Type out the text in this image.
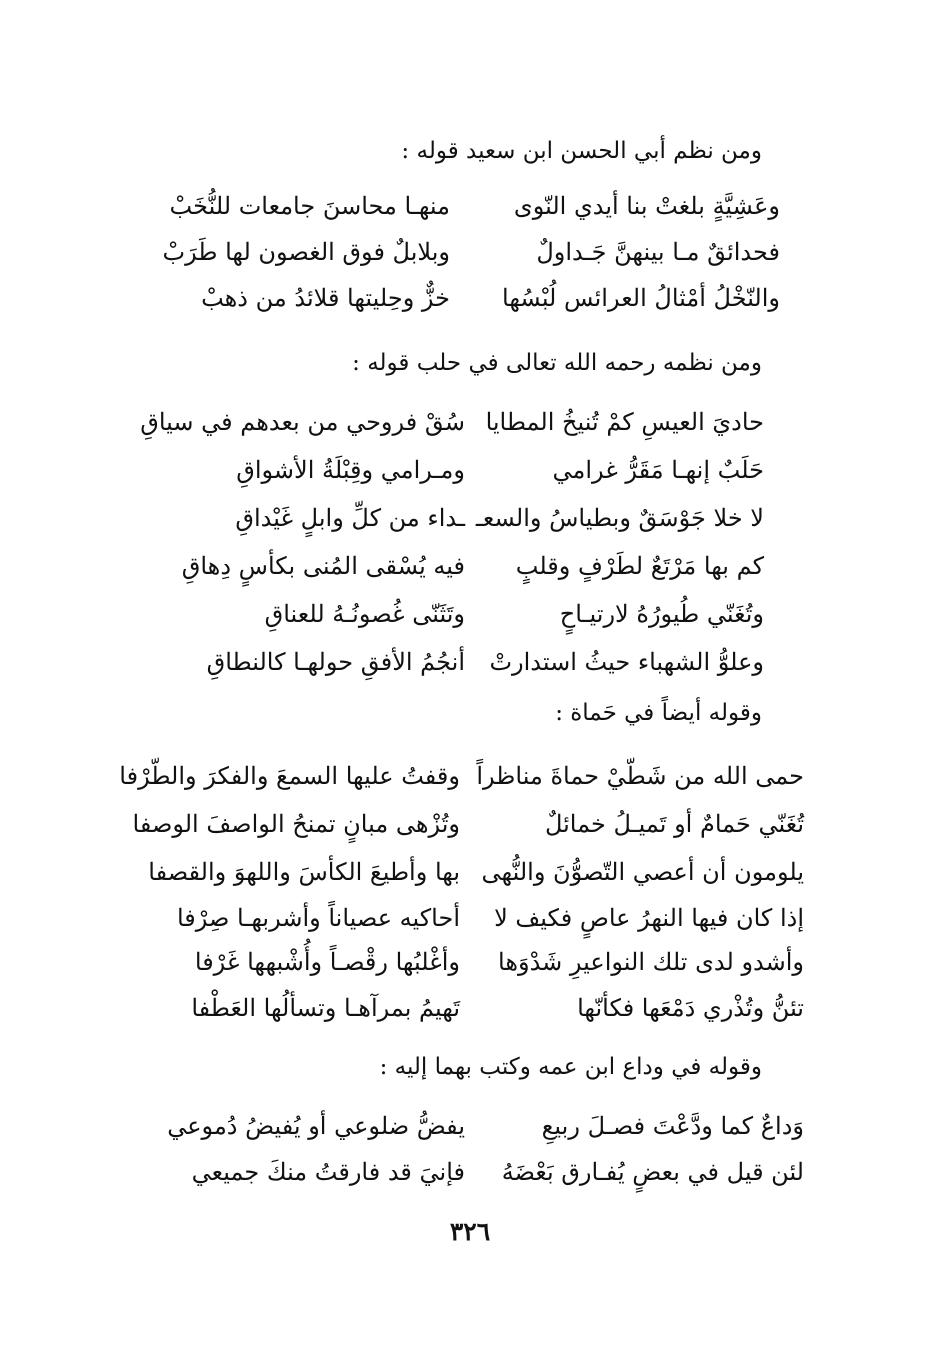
ومن نظم أبي الحسن ابن سعيد قوله :
وعَشِيَّةٍ بلغتْ بنا أيدي النّوى
منهـا محاسنَ جامعات للنُّخَبْ
فحدائقٌ مـا بينهنَّ جَـداولٌ
وبلابلٌ فوق الغصون لها طَرَبْ
والنّخْلُ أمْثالُ العرائس لُبْسُها
خزٌّ وحِليتها قلائدُ من ذهبْ
ومن نظمه رحمه الله تعالى في حلب قوله :
حاديَ العيسِ كمْ تُنيخُ المطايا
سُقْ فروحي من بعدهم في سياقِ
حَلَبٌ إنهـا مَقَرُّ غرامي
ومـرامي وقِبْلَةُ الأشواقِ
لا خلا جَوْسَقٌ وبطياسُ والسعـ
ـداء من كلِّ وابلٍ غَيْداقِ
كم بها مَرْتَعٌ لطَرْفٍ وقلبٍ
فيه يُسْقى المُنى بكأسٍ دِهاقِ
وتُغَنّي طُيورُهُ لارتيـاحٍ
وتَثَنّى غُصونُـهُ للعناقِ
وعلوُّ الشهباء حيثُ استدارتْ
أنجُمُ الأفقِ حولهـا كالنطاقِ
وقوله أيضاً في حَماة :
حمى الله من شَطّيْ حماةَ مناظراً
وقفتُ عليها السمعَ والفكرَ والطّرْفا
تُغَنّي حَمامٌ أو تَميـلُ خمائلٌ
وتُزْهى مبانٍ تمنحُ الواصفَ الوصفا
يلومون أن أعصي التّصوُّنَ والنُّهى
بها وأطيعَ الكأسَ واللهوَ والقصفا
إذا كان فيها النهرُ عاصٍ فكيف لا
أحاكيه عصياناً وأشربهـا صِرْفا
وأشدو لدى تلك النواعيرِ شَدْوَها
وأغْلبُها رقْصـاً وأُشْبهها غَرْفا
تئنُّ وتُذْري دَمْعَها فكأنّها
تَهيمُ بمرآهـا وتسألُها العَطْفا
وقوله في وداع ابن عمه وكتب بهما إليه :
وَداعٌ كما ودَّعْتَ فصـلَ ربيعِ
يفضُّ ضلوعي أو يُفيضُ دُموعي
لئن قيل في بعضٍ يُفـارق بَعْضَهُ
فإنيَ قد فارقتُ منكَ جميعي
٣٢٦
